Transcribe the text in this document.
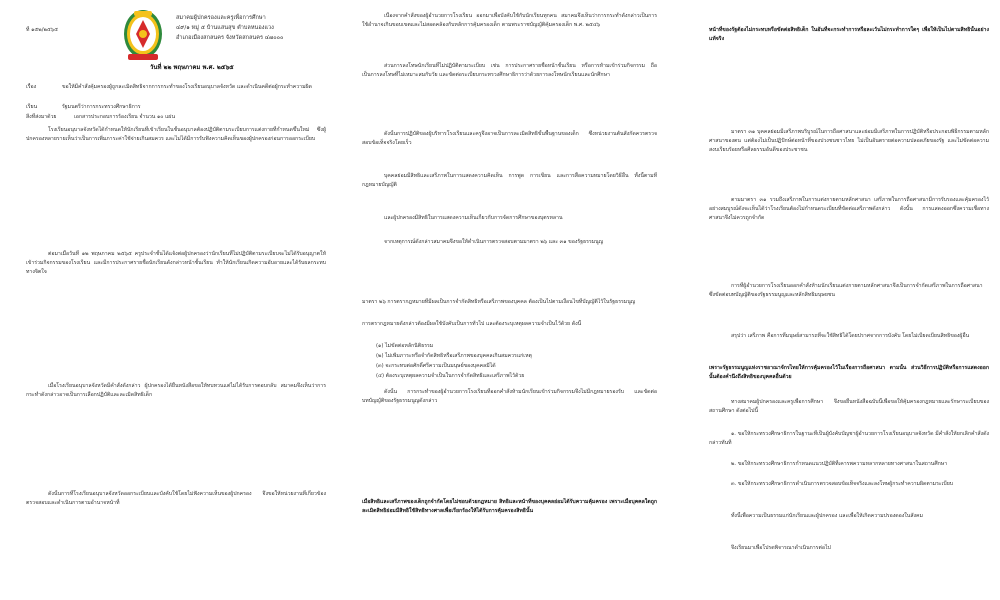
ที่ ๑๕๒/๒๕๖๕
สมาคมผู้ปกครองและครูเพื่อการศึกษา
๔๙/๑ หมู่ ๕ บ้านแสนสุข ตำบลหนองแวง
อำเภอเมืองสกลนคร จังหวัดสกลนคร ๔๗๐๐๐
วันที่ ๒๒ พฤษภาคม พ.ศ. ๒๕๖๕
เรื่อง	ขอให้มีคำสั่งคุ้มครองผู้ถูกละเมิดสิทธิจากการกระทำของโรงเรียนอนุบาลจังหวัด และดำเนินคดีต่อผู้กระทำความผิด
เรียน	รัฐมนตรีว่าการกระทรวงศึกษาธิการ
สิ่งที่ส่งมาด้วย	เอกสารประกอบการร้องเรียน จำนวน ๑๐ แผ่น
โรงเรียนอนุบาลจังหวัดได้กำหนดให้นักเรียนที่เข้าเรียนในชั้นอนุบาลต้องปฏิบัติตามระเบียบการแต่งกายที่กำหนดขึ้นใหม่ ซึ่งผู้ปกครองหลายรายเห็นว่าเป็นการเพิ่มภาระค่าใช้จ่ายเกินสมควร และไม่ได้มีการรับฟังความคิดเห็นของผู้ปกครองก่อนการออกระเบียบ
ต่อมาเมื่อวันที่ ๑๒ พฤษภาคม ๒๕๖๕ ครูประจำชั้นได้แจ้งต่อผู้ปกครองว่านักเรียนที่ไม่ปฏิบัติตามระเบียบจะไม่ได้รับอนุญาตให้เข้าร่วมกิจกรรมของโรงเรียน และมีการประกาศรายชื่อนักเรียนดังกล่าวหน้าชั้นเรียน ทำให้นักเรียนเกิดความอับอายและได้รับผลกระทบทางจิตใจ
เมื่อโรงเรียนอนุบาลจังหวัดมีคำสั่งดังกล่าว ผู้ปกครองได้ยื่นหนังสือขอให้ทบทวนแต่ไม่ได้รับการตอบกลับ สมาคมจึงเห็นว่าการกระทำดังกล่าวอาจเป็นการเลือกปฏิบัติและละเมิดสิทธิเด็ก
ดังนั้นการที่โรงเรียนอนุบาลจังหวัดออกระเบียบและบังคับใช้โดยไม่ฟังความเห็นของผู้ปกครอง จึงขอให้หน่วยงานที่เกี่ยวข้องตรวจสอบและดำเนินการตามอำนาจหน้าที่
เนื่องจากคำสั่งของผู้อำนวยการโรงเรียน ออกมาเพื่อบังคับใช้กับนักเรียนทุกคน สมาคมจึงเห็นว่าการกระทำดังกล่าวเป็นการใช้อำนาจเกินขอบเขตและไม่สอดคล้องกับหลักการคุ้มครองเด็ก ตามพระราชบัญญัติคุ้มครองเด็ก พ.ศ. ๒๕๔๖
ส่วนการลงโทษนักเรียนที่ไม่ปฏิบัติตามระเบียบ เช่น การประกาศรายชื่อหน้าชั้นเรียน หรือการห้ามเข้าร่วมกิจกรรม ถือเป็นการลงโทษที่ไม่เหมาะสมกับวัย และขัดต่อระเบียบกระทรวงศึกษาธิการว่าด้วยการลงโทษนักเรียนและนักศึกษา
ดังนั้นการปฏิบัติของผู้บริหารโรงเรียนและครูจึงอาจเป็นการละเมิดสิทธิขั้นพื้นฐานของเด็ก ซึ่งหน่วยงานต้นสังกัดควรตรวจสอบข้อเท็จจริงโดยเร็ว
บุคคลย่อมมีสิทธิและเสรีภาพในการแสดงความคิดเห็น การพูด การเขียน และการสื่อความหมายโดยวิธีอื่น ทั้งนี้ตามที่กฎหมายบัญญัติ
และผู้ปกครองมีสิทธิในการแสดงความเห็นเกี่ยวกับการจัดการศึกษาของบุตรหลาน
จากเหตุการณ์ดังกล่าวสมาคมจึงขอให้ดำเนินการตรวจสอบตามมาตรา ๒๖ และ ๓๑ ของรัฐธรรมนูญ
มาตรา ๒๖ การตรากฎหมายที่มีผลเป็นการจำกัดสิทธิหรือเสรีภาพของบุคคล ต้องเป็นไปตามเงื่อนไขที่บัญญัติไว้ในรัฐธรรมนูญ
การตรากฎหมายดังกล่าวต้องมีผลใช้บังคับเป็นการทั่วไป และต้องระบุเหตุผลความจำเป็นไว้ด้วย ดังนี้
(๑) ไม่ขัดต่อหลักนิติธรรม
(๒) ไม่เพิ่มภาระหรือจำกัดสิทธิหรือเสรีภาพของบุคคลเกินสมควรแก่เหตุ
(๓) จะกระทบต่อศักดิ์ศรีความเป็นมนุษย์ของบุคคลมิได้
(๔) ต้องระบุเหตุผลความจำเป็นในการจำกัดสิทธิและเสรีภาพไว้ด้วย
ดังนั้น การกระทำของผู้อำนวยการโรงเรียนที่ออกคำสั่งห้ามนักเรียนเข้าร่วมกิจกรรมจึงไม่มีกฎหมายรองรับ และขัดต่อบทบัญญัติของรัฐธรรมนูญดังกล่าว
เมื่อสิทธิและเสรีภาพของเด็กถูกจำกัดโดยไม่ชอบด้วยกฎหมาย สิทธิและหน้าที่ของบุคคลย่อมได้รับความคุ้มครอง เพราะเมื่อบุคคลใดถูกละเมิดสิทธิย่อมมีสิทธิใช้สิทธิทางศาลเพื่อเรียกร้องให้ได้รับการคุ้มครองสิทธินั้น
หน้าที่ของรัฐต้องไม่กระทบหรือขัดต่อสิทธิเด็ก ในอันที่จะกระทำการหรือละเว้นไม่กระทำการใดๆ เพื่อให้เป็นไปตามสิทธินั้นอย่างแท้จริง
มาตรา ๓๑ บุคคลย่อมมีเสรีภาพบริบูรณ์ในการถือศาสนาและย่อมมีเสรีภาพในการปฏิบัติหรือประกอบพิธีกรรมตามหลักศาสนาของตน แต่ต้องไม่เป็นปฏิปักษ์ต่อหน้าที่ของปวงชนชาวไทย ไม่เป็นอันตรายต่อความปลอดภัยของรัฐ และไม่ขัดต่อความสงบเรียบร้อยหรือศีลธรรมอันดีของประชาชน
ตามมาตรา ๓๑ รวมถึงเสรีภาพในการแต่งกายตามหลักศาสนา เสรีภาพในการถือศาสนามีการรับรองและคุ้มครองไว้อย่างสมบูรณ์ดังจะเห็นได้ว่าโรงเรียนต้องไม่กำหนดระเบียบที่ขัดต่อเสรีภาพดังกล่าว ดังนั้น การแสดงออกซึ่งความเชื่อทางศาสนาจึงไม่ควรถูกจำกัด
การที่ผู้อำนวยการโรงเรียนออกคำสั่งห้ามนักเรียนแต่งกายตามหลักศาสนาจึงเป็นการจำกัดเสรีภาพในการถือศาสนา ซึ่งขัดต่อบทบัญญัติของรัฐธรรมนูญและหลักสิทธิมนุษยชน
สรุปว่า เสรีภาพ คือการที่มนุษย์สามารถที่จะใช้สิทธิได้โดยปราศจากการบังคับ โดยไม่เบียดเบียนสิทธิของผู้อื่น
เพราะรัฐธรรมนูญแห่งราชอาณาจักรไทยให้การคุ้มครองไว้ในเรื่องการถือศาสนา ตามนั้น ส่วนวิธีการปฏิบัติหรือการแสดงออกนั้นต้องคำนึงถึงสิทธิของบุคคลอื่นด้วย
ทางสมาคมผู้ปกครองและครูเพื่อการศึกษา จึงขอยื่นหนังสือฉบับนี้เพื่อขอให้คุ้มครองกฎหมายและรักษาระเบียบของสถานศึกษา ดังต่อไปนี้
๑. ขอให้กระทรวงศึกษาธิการในฐานะที่เป็นผู้บังคับบัญชาผู้อำนวยการโรงเรียนอนุบาลจังหวัด มีคำสั่งให้ยกเลิกคำสั่งดังกล่าวทันที
๒. ขอให้กระทรวงศึกษาธิการกำหนดแนวปฏิบัติที่เคารพความหลากหลายทางศาสนาในสถานศึกษา
๓. ขอให้กระทรวงศึกษาธิการดำเนินการตรวจสอบข้อเท็จจริงและลงโทษผู้กระทำความผิดตามระเบียบ
ทั้งนี้เพื่อความเป็นธรรมแก่นักเรียนและผู้ปกครอง และเพื่อให้เกิดความปรองดองในสังคม
จึงเรียนมาเพื่อโปรดพิจารณาดำเนินการต่อไป
